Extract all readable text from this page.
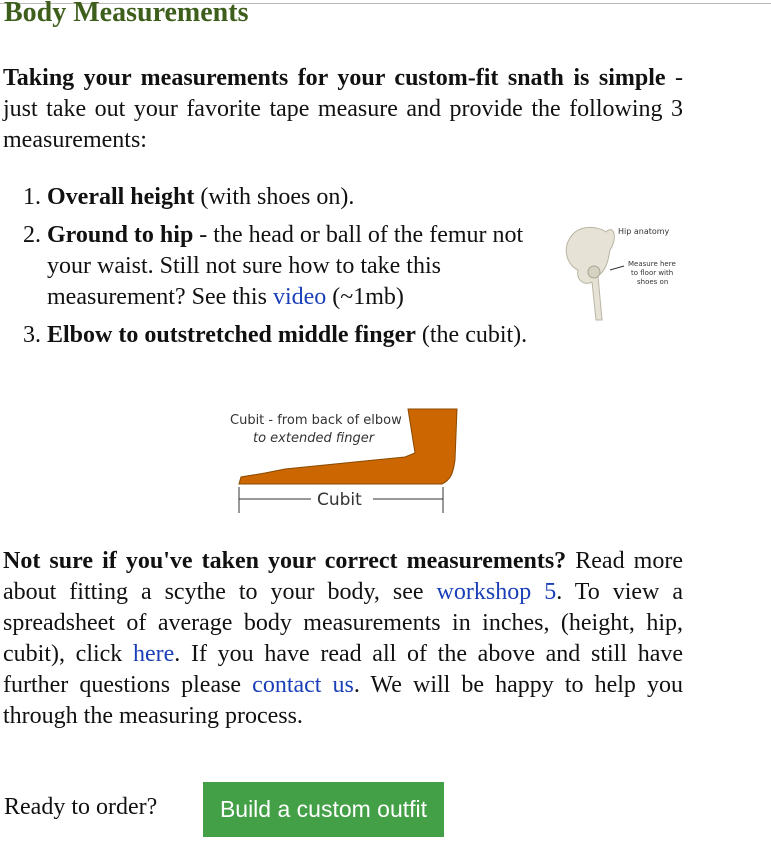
Body Measurements

Taking your measurements for your custom-fit snath is simple - just take out your favorite tape measure and provide the following 3 measurements:

1. Overall height (with shoes on).
2. Ground to hip - the head or ball of the femur not your waist. Still not sure how to take this measurement? See this video (~1mb)
3. Elbow to outstretched middle finger (the cubit).
Hip anatomy
Measure here
to floor with
shoes on
Cubit - from back of elbow
to extended finger
Cubit

Not sure if you've taken your correct measurements? Read more about fitting a scythe to your body, see workshop 5. To view a spreadsheet of average body measurements in inches, (height, hip, cubit), click here. If you have read all of the above and still have further questions please contact us. We will be happy to help you through the measuring process.

Ready to order?	Build a custom outfit
